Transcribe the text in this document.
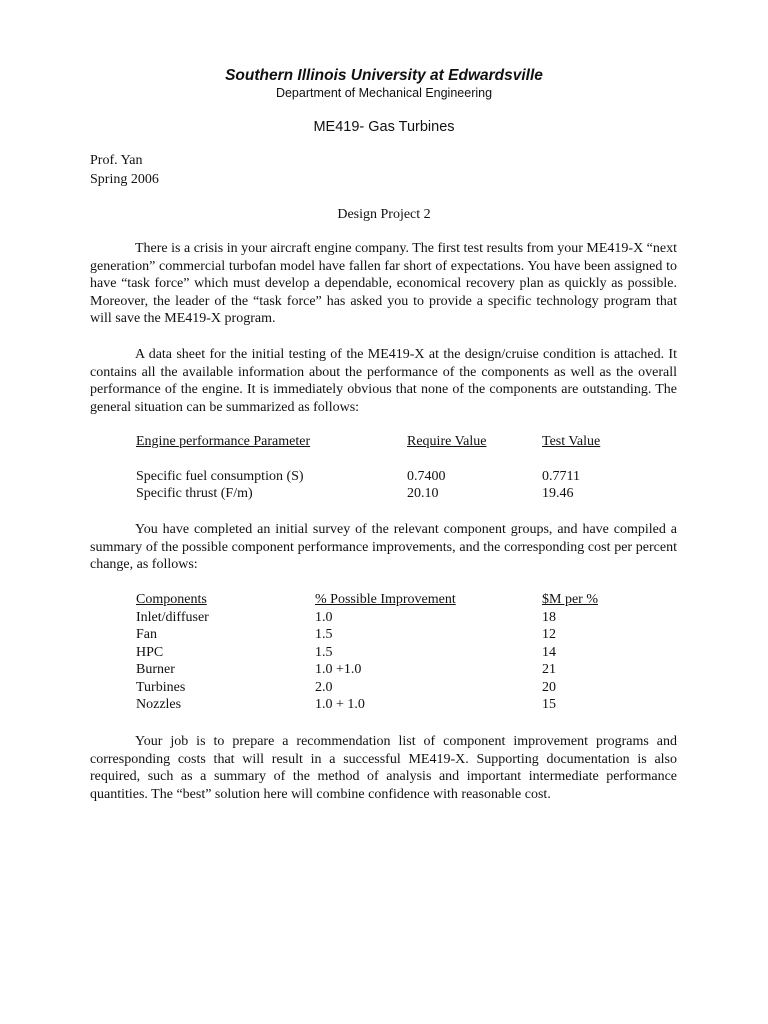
Southern Illinois University at Edwardsville
Department of Mechanical Engineering
ME419- Gas Turbines
Prof. Yan
Spring 2006
Design Project 2

There is a crisis in your aircraft engine company. The first test results from your ME419-X “next generation” commercial turbofan model have fallen far short of expectations. You have been assigned to have “task force” which must develop a dependable, economical recovery plan as quickly as possible. Moreover, the leader of the “task force” has asked you to provide a specific technology program that will save the ME419-X program.

A data sheet for the initial testing of the ME419-X at the design/cruise condition is attached. It contains all the available information about the performance of the components as well as the overall performance of the engine. It is immediately obvious that none of the components are outstanding. The general situation can be summarized as follows:

Engine performance Parameter	Require Value	Test Value
Specific fuel consumption (S)	0.7400	0.7711
Specific thrust (F/m)	20.10	19.46

You have completed an initial survey of the relevant component groups, and have compiled a summary of the possible component performance improvements, and the corresponding cost per percent change, as follows:

Components	% Possible Improvement	$M per %
Inlet/diffuser	1.0	18
Fan	1.5	12
HPC	1.5	14
Burner	1.0 +1.0	21
Turbines	2.0	20
Nozzles	1.0 + 1.0	15

Your job is to prepare a recommendation list of component improvement programs and corresponding costs that will result in a successful ME419-X. Supporting documentation is also required, such as a summary of the method of analysis and important intermediate performance quantities. The “best” solution here will combine confidence with reasonable cost.
